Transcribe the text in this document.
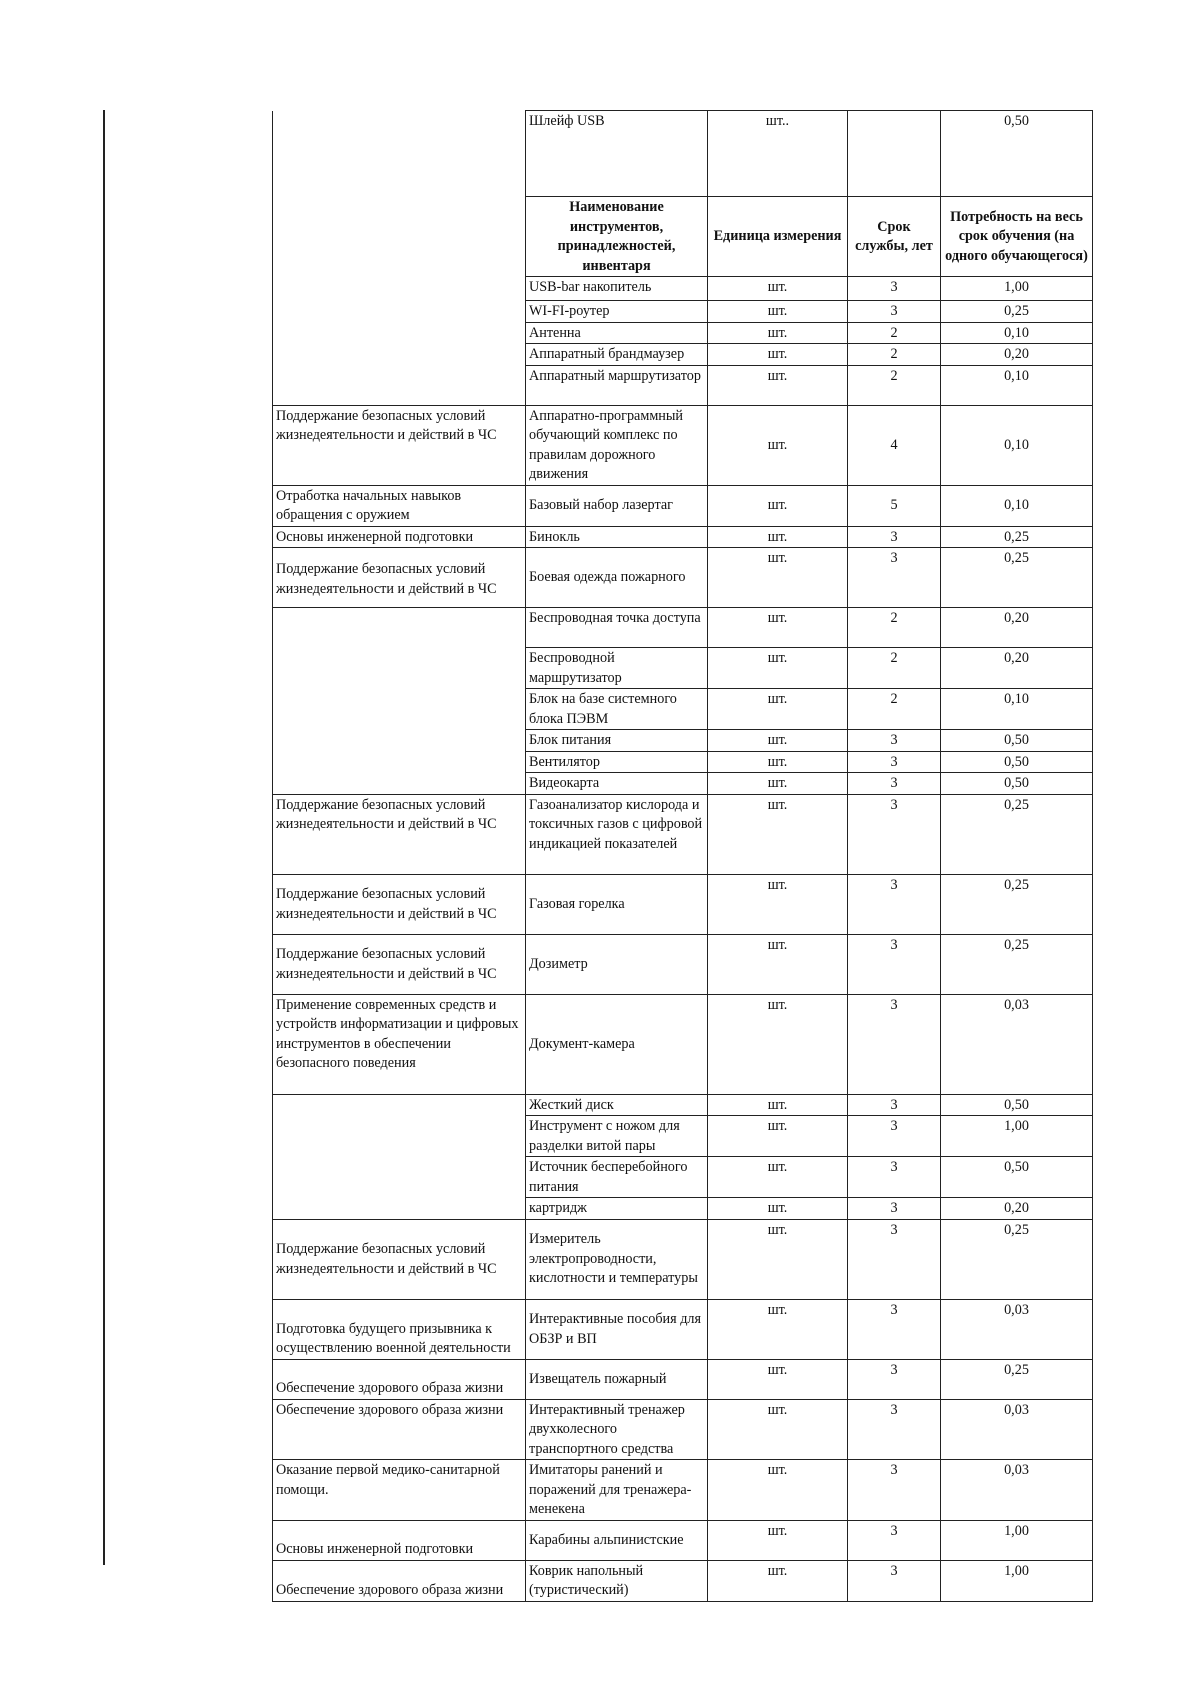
	Шлейф USB	шт..		0,50
	Наименование инструментов, принадлежностей, инвентаря	Единица измерения	Срок службы, лет	Потребность на весь срок обучения (на одного обучающегося)
	USB-bar накопитель	шт.	3	1,00
	WI-FI-роутер	шт.	3	0,25
	Антенна	шт.	2	0,10
	Аппаратный брандмаузер	шт.	2	0,20
	Аппаратный маршрутизатор	шт.	2	0,10
Поддержание безопасных условий жизнедеятельности и действий в ЧС	Аппаратно-программный обучающий комплекс по правилам дорожного движения	шт.	4	0,10
Отработка начальных навыков обращения с оружием	Базовый набор лазертаг	шт.	5	0,10
Основы инженерной подготовки	Бинокль	шт.	3	0,25
Поддержание безопасных условий жизнедеятельности и действий в ЧС	Боевая одежда пожарного	шт.	3	0,25
	Беспроводная точка доступа	шт.	2	0,20
	Беспроводной маршрутизатор	шт.	2	0,20
	Блок на базе системного блока ПЭВМ	шт.	2	0,10
	Блок питания	шт.	3	0,50
	Вентилятор	шт.	3	0,50
	Видеокарта	шт.	3	0,50
Поддержание безопасных условий жизнедеятельности и действий в ЧС	Газоанализатор кислорода и токсичных газов с цифровой индикацией показателей	шт.	3	0,25
Поддержание безопасных условий жизнедеятельности и действий в ЧС	Газовая горелка	шт.	3	0,25
Поддержание безопасных условий жизнедеятельности и действий в ЧС	Дозиметр	шт.	3	0,25
Применение современных средств и устройств информатизации и цифровых инструментов в обеспечении безопасного поведения	Документ-камера	шт.	3	0,03
	Жесткий диск	шт.	3	0,50
	Инструмент с ножом для разделки витой пары	шт.	3	1,00
	Источник бесперебойного питания	шт.	3	0,50
	картридж	шт.	3	0,20
Поддержание безопасных условий жизнедеятельности и действий в ЧС	Измеритель электропроводности, кислотности и температуры	шт.	3	0,25
Подготовка будущего призывника к осуществлению военной деятельности	Интерактивные пособия для ОБЗР и ВП	шт.	3	0,03
Обеспечение здорового образа жизни	Извещатель пожарный	шт.	3	0,25
Обеспечение здорового образа жизни	Интерактивный тренажер двухколесного транспортного средства	шт.	3	0,03
Оказание первой медико-санитарной помощи.	Имитаторы ранений и поражений для тренажера-менекена	шт.	3	0,03
Основы инженерной подготовки	Карабины альпинистские	шт.	3	1,00
Обеспечение здорового образа жизни	Коврик напольный (туристический)	шт.	3	1,00
